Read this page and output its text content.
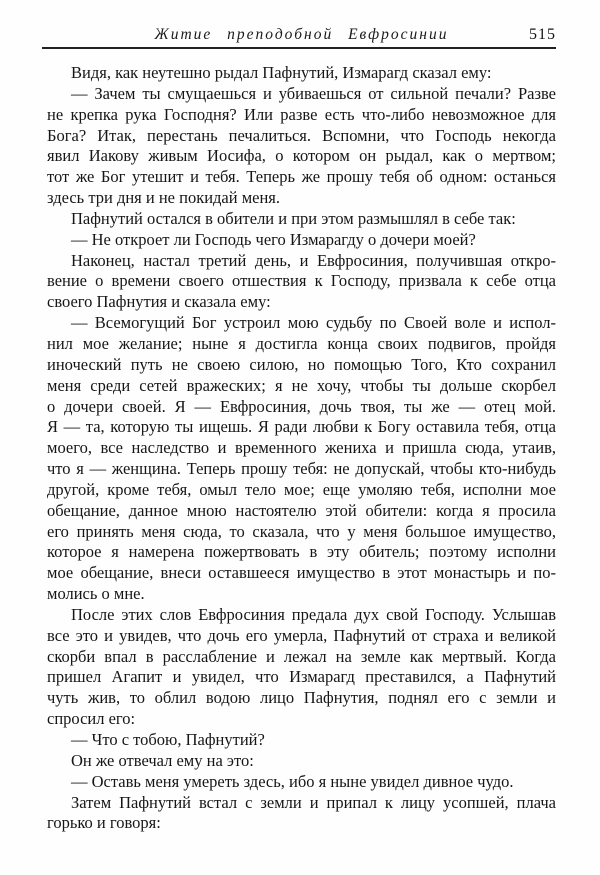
Житие преподобной Евфросинии	515
Видя, как неутешно рыдал Пафнутий, Измарагд сказал ему:
— Зачем ты смущаешься и убиваешься от сильной печали? Разве
не крепка рука Господня? Или разве есть что-либо невозможное для
Бога? Итак, перестань печалиться. Вспомни, что Господь некогда
явил Иакову живым Иосифа, о котором он рыдал, как о мертвом;
тот же Бог утешит и тебя. Теперь же прошу тебя об одном: останься
здесь три дня и не покидай меня.
Пафнутий остался в обители и при этом размышлял в себе так:
— Не откроет ли Господь чего Измарагду о дочери моей?
Наконец, настал третий день, и Евфросиния, получившая откро-
вение о времени своего отшествия к Господу, призвала к себе отца
своего Пафнутия и сказала ему:
— Всемогущий Бог устроил мою судьбу по Своей воле и испол-
нил мое желание; ныне я достигла конца своих подвигов, пройдя
иноческий путь не своею силою, но помощью Того, Кто сохранил
меня среди сетей вражеских; я не хочу, чтобы ты дольше скорбел
о дочери своей. Я — Евфросиния, дочь твоя, ты же — отец мой.
Я — та, которую ты ищешь. Я ради любви к Богу оставила тебя, отца
моего, все наследство и временного жениха и пришла сюда, утаив,
что я — женщина. Теперь прошу тебя: не допускай, чтобы кто-нибудь
другой, кроме тебя, омыл тело мое; еще умоляю тебя, исполни мое
обещание, данное мною настоятелю этой обители: когда я просила
его принять меня сюда, то сказала, что у меня большое имущество,
которое я намерена пожертвовать в эту обитель; поэтому исполни
мое обещание, внеси оставшееся имущество в этот монастырь и по-
молись о мне.
После этих слов Евфросиния предала дух свой Господу. Услышав
все это и увидев, что дочь его умерла, Пафнутий от страха и великой
скорби впал в расслабление и лежал на земле как мертвый. Когда
пришел Агапит и увидел, что Измарагд преставился, а Пафнутий
чуть жив, то облил водою лицо Пафнутия, поднял его с земли и
спросил его:
— Что с тобою, Пафнутий?
Он же отвечал ему на это:
— Оставь меня умереть здесь, ибо я ныне увидел дивное чудо.
Затем Пафнутий встал с земли и припал к лицу усопшей, плача
горько и говоря:
